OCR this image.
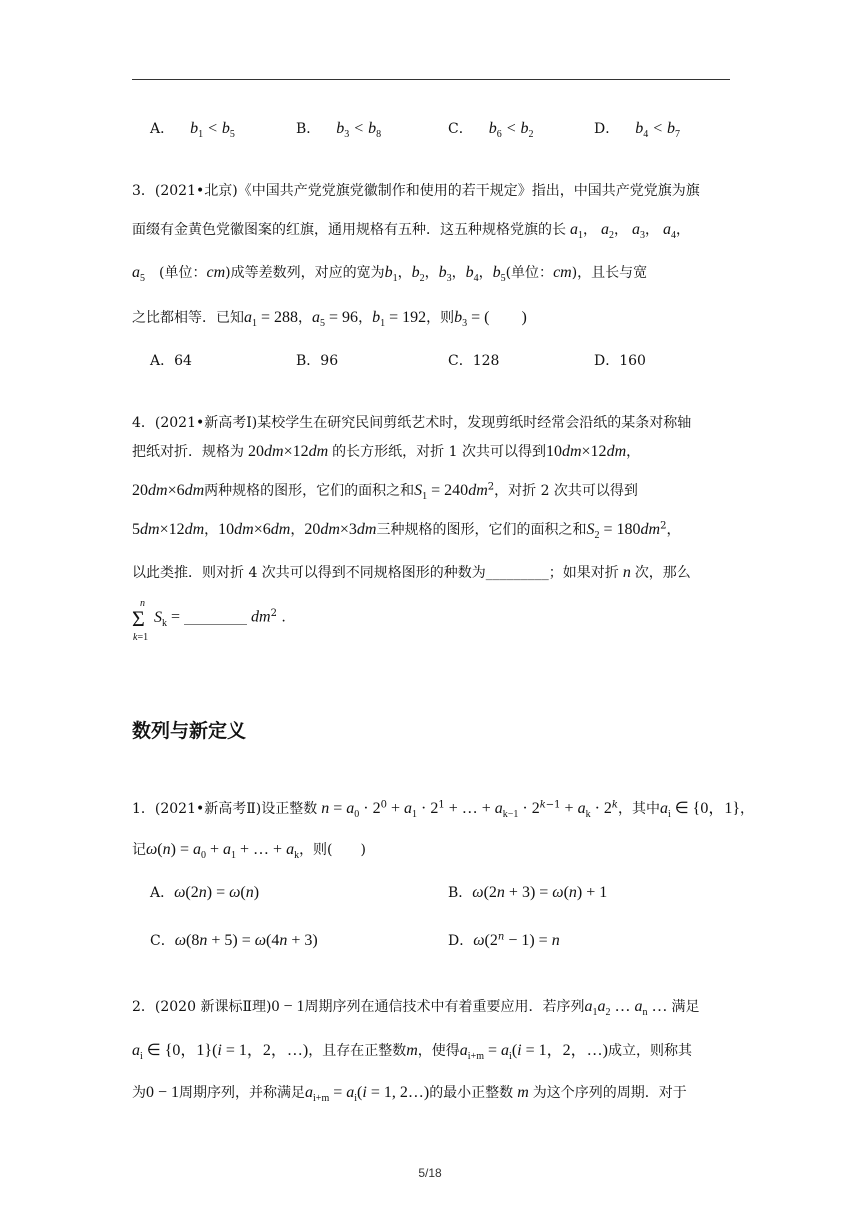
A． $b_1 < b_5$	B． $b_3 < b_8$	C． $b_6 < b_2$	D． $b_4 < b_7$
3．(2021•北京)《中国共产党党旗党徽制作和使用的若干规定》指出，中国共产党党旗为旗
面缀有金黄色党徽图案的红旗，通用规格有五种．这五种规格党旗的长 $a_1$， $a_2$， $a_3$， $a_4$，
$a_5$　 (单位：cm)成等差数列，对应的宽为$b_1$，$b_2$，$b_3$，$b_4$，$b_5$(单位：cm)，且长与宽
之比都相等．已知$a_1 = 288$，$a_5 = 96$，$b_1 = 192$，则$b_3$ = (　　)
A．64	B．96	C．128	D．160
4．(2021•新高考Ⅰ)某校学生在研究民间剪纸艺术时，发现剪纸时经常会沿纸的某条对称轴
把纸对折．规格为 20dm×12dm 的长方形纸，对折 1 次共可以得到10dm×12dm，
20dm×6dm两种规格的图形，它们的面积之和$S_1 = 240dm^2$，对折 2 次共可以得到
5dm×12dm，10dm×6dm，20dm×3dm三种规格的图形，它们的面积之和$S_2 = 180dm^2$，
以此类推．则对折 4 次共可以得到不同规格图形的种数为_________；如果对折 n 次，那么
n
Σ
k=1
$S_k$ = _________ $dm^2$ .
数列与新定义
1．(2021•新高考Ⅱ)设正整数 $n = a_0 \cdot 2^0 + a_1 \cdot 2^1$ + … + $a_{k-1} \cdot 2^{k-1} + a_k \cdot 2^k$，其中$a_i$ ∈ {0，1}，
记$\omega(n) = a_0 + a_1$ + … + $a_k$，则(　　)
A．ω(2n) = ω(n)	B．ω(2n + 3) = ω(n) + 1
C．ω(8n + 5) = ω(4n + 3)	D．$\omega(2^n - 1) = n$
2．(2020 新课标Ⅱ理)0 − 1周期序列在通信技术中有着重要应用．若序列$a_1a_2$ … $a_n$ … 满足
$a_i$ ∈ {0，1}(i = 1，2，…)，且存在正整数m，使得$a_{i+m} = a_i(i = 1$，2，…)成立，则称其
为0 − 1周期序列，并称满足$a_{i+m} = a_i(i = 1$, 2…)的最小正整数 m 为这个序列的周期．对于
5/18
